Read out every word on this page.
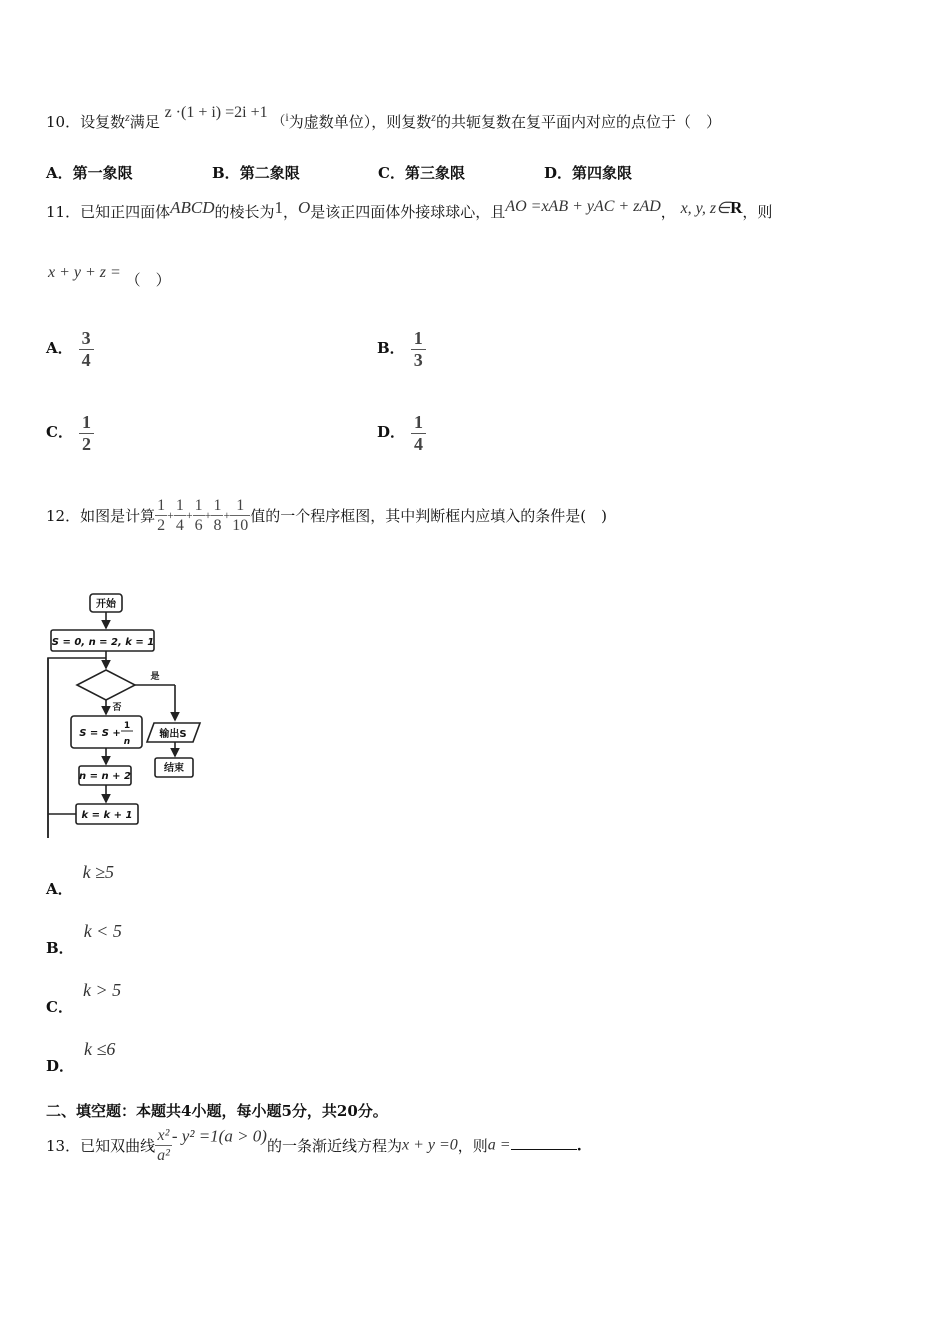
10．设复数$^z$满足 z ·(1 + i) =2i +1 （$^i$为虚数单位），则复数$^z$的共轭复数在复平面内对应的点位于（　）
A．第一象限	B．第二象限	C．第三象限	D．第四象限
11．已知正四面体ABCD的棱长为1，O是该正四面体外接球球心，且AO =xAB + yAC + zAD， x, y, z∈R，则
x + y + z = （　）
A． $\frac{3}{4}$	B． $\frac{1}{3}$
C． $\frac{1}{2}$	D． $\frac{1}{4}$
12．如图是计算 $\frac{1}{2} + \frac{1}{4} + \frac{1}{6} + \frac{1}{8} + \frac{1}{10}$ 值的一个程序框图，其中判断框内应填入的条件是(　)
开始
S = 0, n = 2, k = 1
是
否
S = S +
1
n
输出S
结束
n = n + 2
k = k + 1
A．k ≥5
B．k < 5
C．k > 5
D．k ≤6
二、填空题：本题共4小题，每小题5分，共20分。
13．已知双曲线 $\frac{\text{x²}}{\text{a²}} - y^2 =1(a > 0)$的一条渐近线方程为x + y =0，则a =	.
